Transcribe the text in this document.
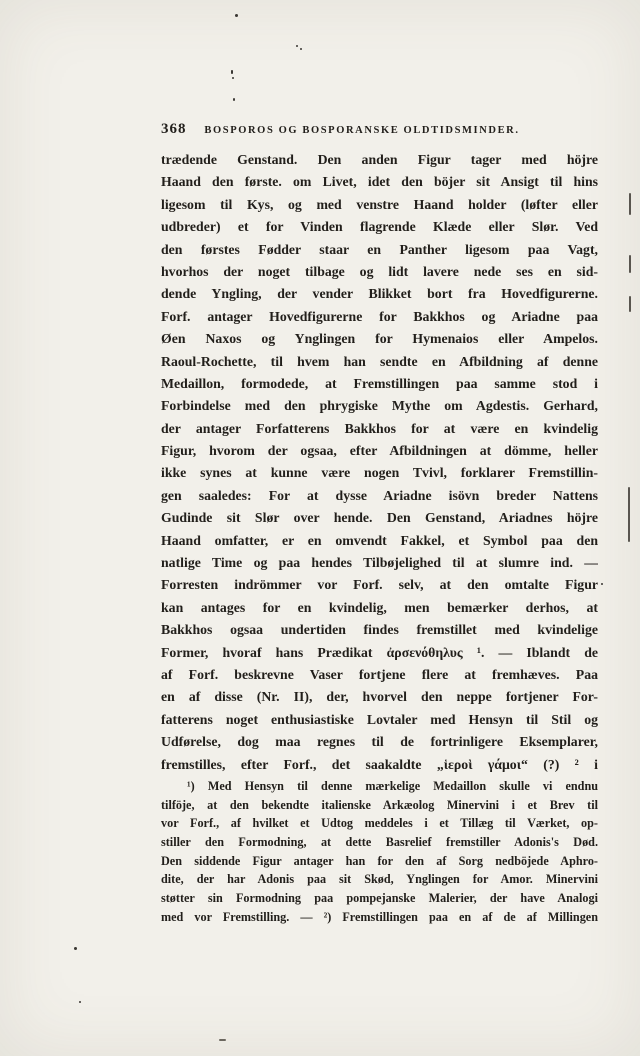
368	BOSPOROS OG BOSPORANSKE OLDTIDSMINDER.
trædende Genstand. Den anden Figur tager med höjre
Haand den første. om Livet, idet den böjer sit Ansigt til hins
ligesom til Kys, og med venstre Haand holder (løfter eller
udbreder) et for Vinden flagrende Klæde eller Slør. Ved
den førstes Fødder staar en Panther ligesom paa Vagt,
hvorhos der noget tilbage og lidt lavere nede ses en sid-
dende Yngling, der vender Blikket bort fra Hovedfigurerne.
Forf. antager Hovedfigurerne for Bakkhos og Ariadne paa
Øen Naxos og Ynglingen for Hymenaios eller Ampelos.
Raoul-Rochette, til hvem han sendte en Afbildning af denne
Medaillon, formodede, at Fremstillingen paa samme stod i
Forbindelse med den phrygiske Mythe om Agdestis. Gerhard,
der antager Forfatterens Bakkhos for at være en kvindelig
Figur, hvorom der ogsaa, efter Afbildningen at dömme, heller
ikke synes at kunne være nogen Tvivl, forklarer Fremstillin-
gen saaledes: For at dysse Ariadne isövn breder Nattens
Gudinde sit Slør over hende. Den Genstand, Ariadnes höjre
Haand omfatter, er en omvendt Fakkel, et Symbol paa den
natlige Time og paa hendes Tilbøjelighed til at slumre ind. —
Forresten indrömmer vor Forf. selv, at den omtalte Figur
kan antages for en kvindelig, men bemærker derhos, at
Bakkhos ogsaa undertiden findes fremstillet med kvindelige
Former, hvoraf hans Prædikat ἀρσενόθηλυς ¹. — Iblandt de
af Forf. beskrevne Vaser fortjene flere at fremhæves. Paa
en af disse (Nr. II), der, hvorvel den neppe fortjener For-
fatterens noget enthusiastiske Lovtaler med Hensyn til Stil og
Udførelse, dog maa regnes til de fortrinligere Eksemplarer,
fremstilles, efter Forf., det saakaldte „ἱεροὶ γάμοι“ (?) ² i
¹) Med Hensyn til denne mærkelige Medaillon skulle vi endnu
tilföje, at den bekendte italienske Arkæolog Minervini i et Brev til
vor Forf., af hvilket et Udtog meddeles i et Tillæg til Værket, op-
stiller den Formodning, at dette Basrelief fremstiller Adonis's Død.
Den siddende Figur antager han for den af Sorg nedböjede Aphro-
dite, der har Adonis paa sit Skød, Ynglingen for Amor. Minervini
støtter sin Formodning paa pompejanske Malerier, der have Analogi
med vor Fremstilling. — ²) Fremstillingen paa en af de af Millingen
